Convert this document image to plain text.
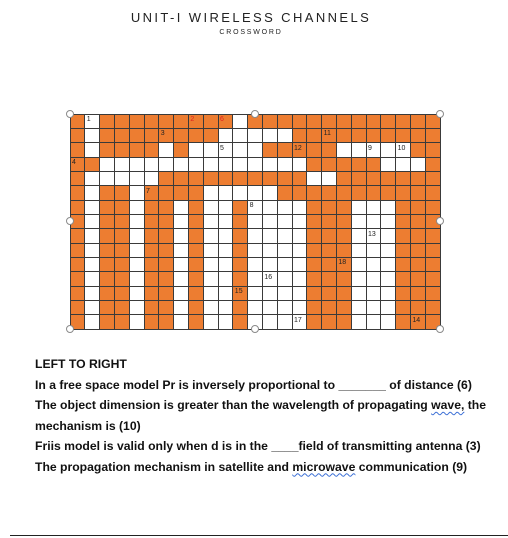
UNIT-I WIRELESS CHANNELS
CROSSWORD
1	2	6
3	11
5	12	9	10
4
7
8
13
18
16
15
17	14
LEFT TO RIGHT
In a free space model Pr is inversely proportional to _______ of distance (6)
The object dimension is greater than the wavelength of propagating wave, the mechanism is (10)
Friis model is valid only when d is in the ____field of transmitting antenna (3)
The propagation mechanism in satellite and microwave communication (9)
